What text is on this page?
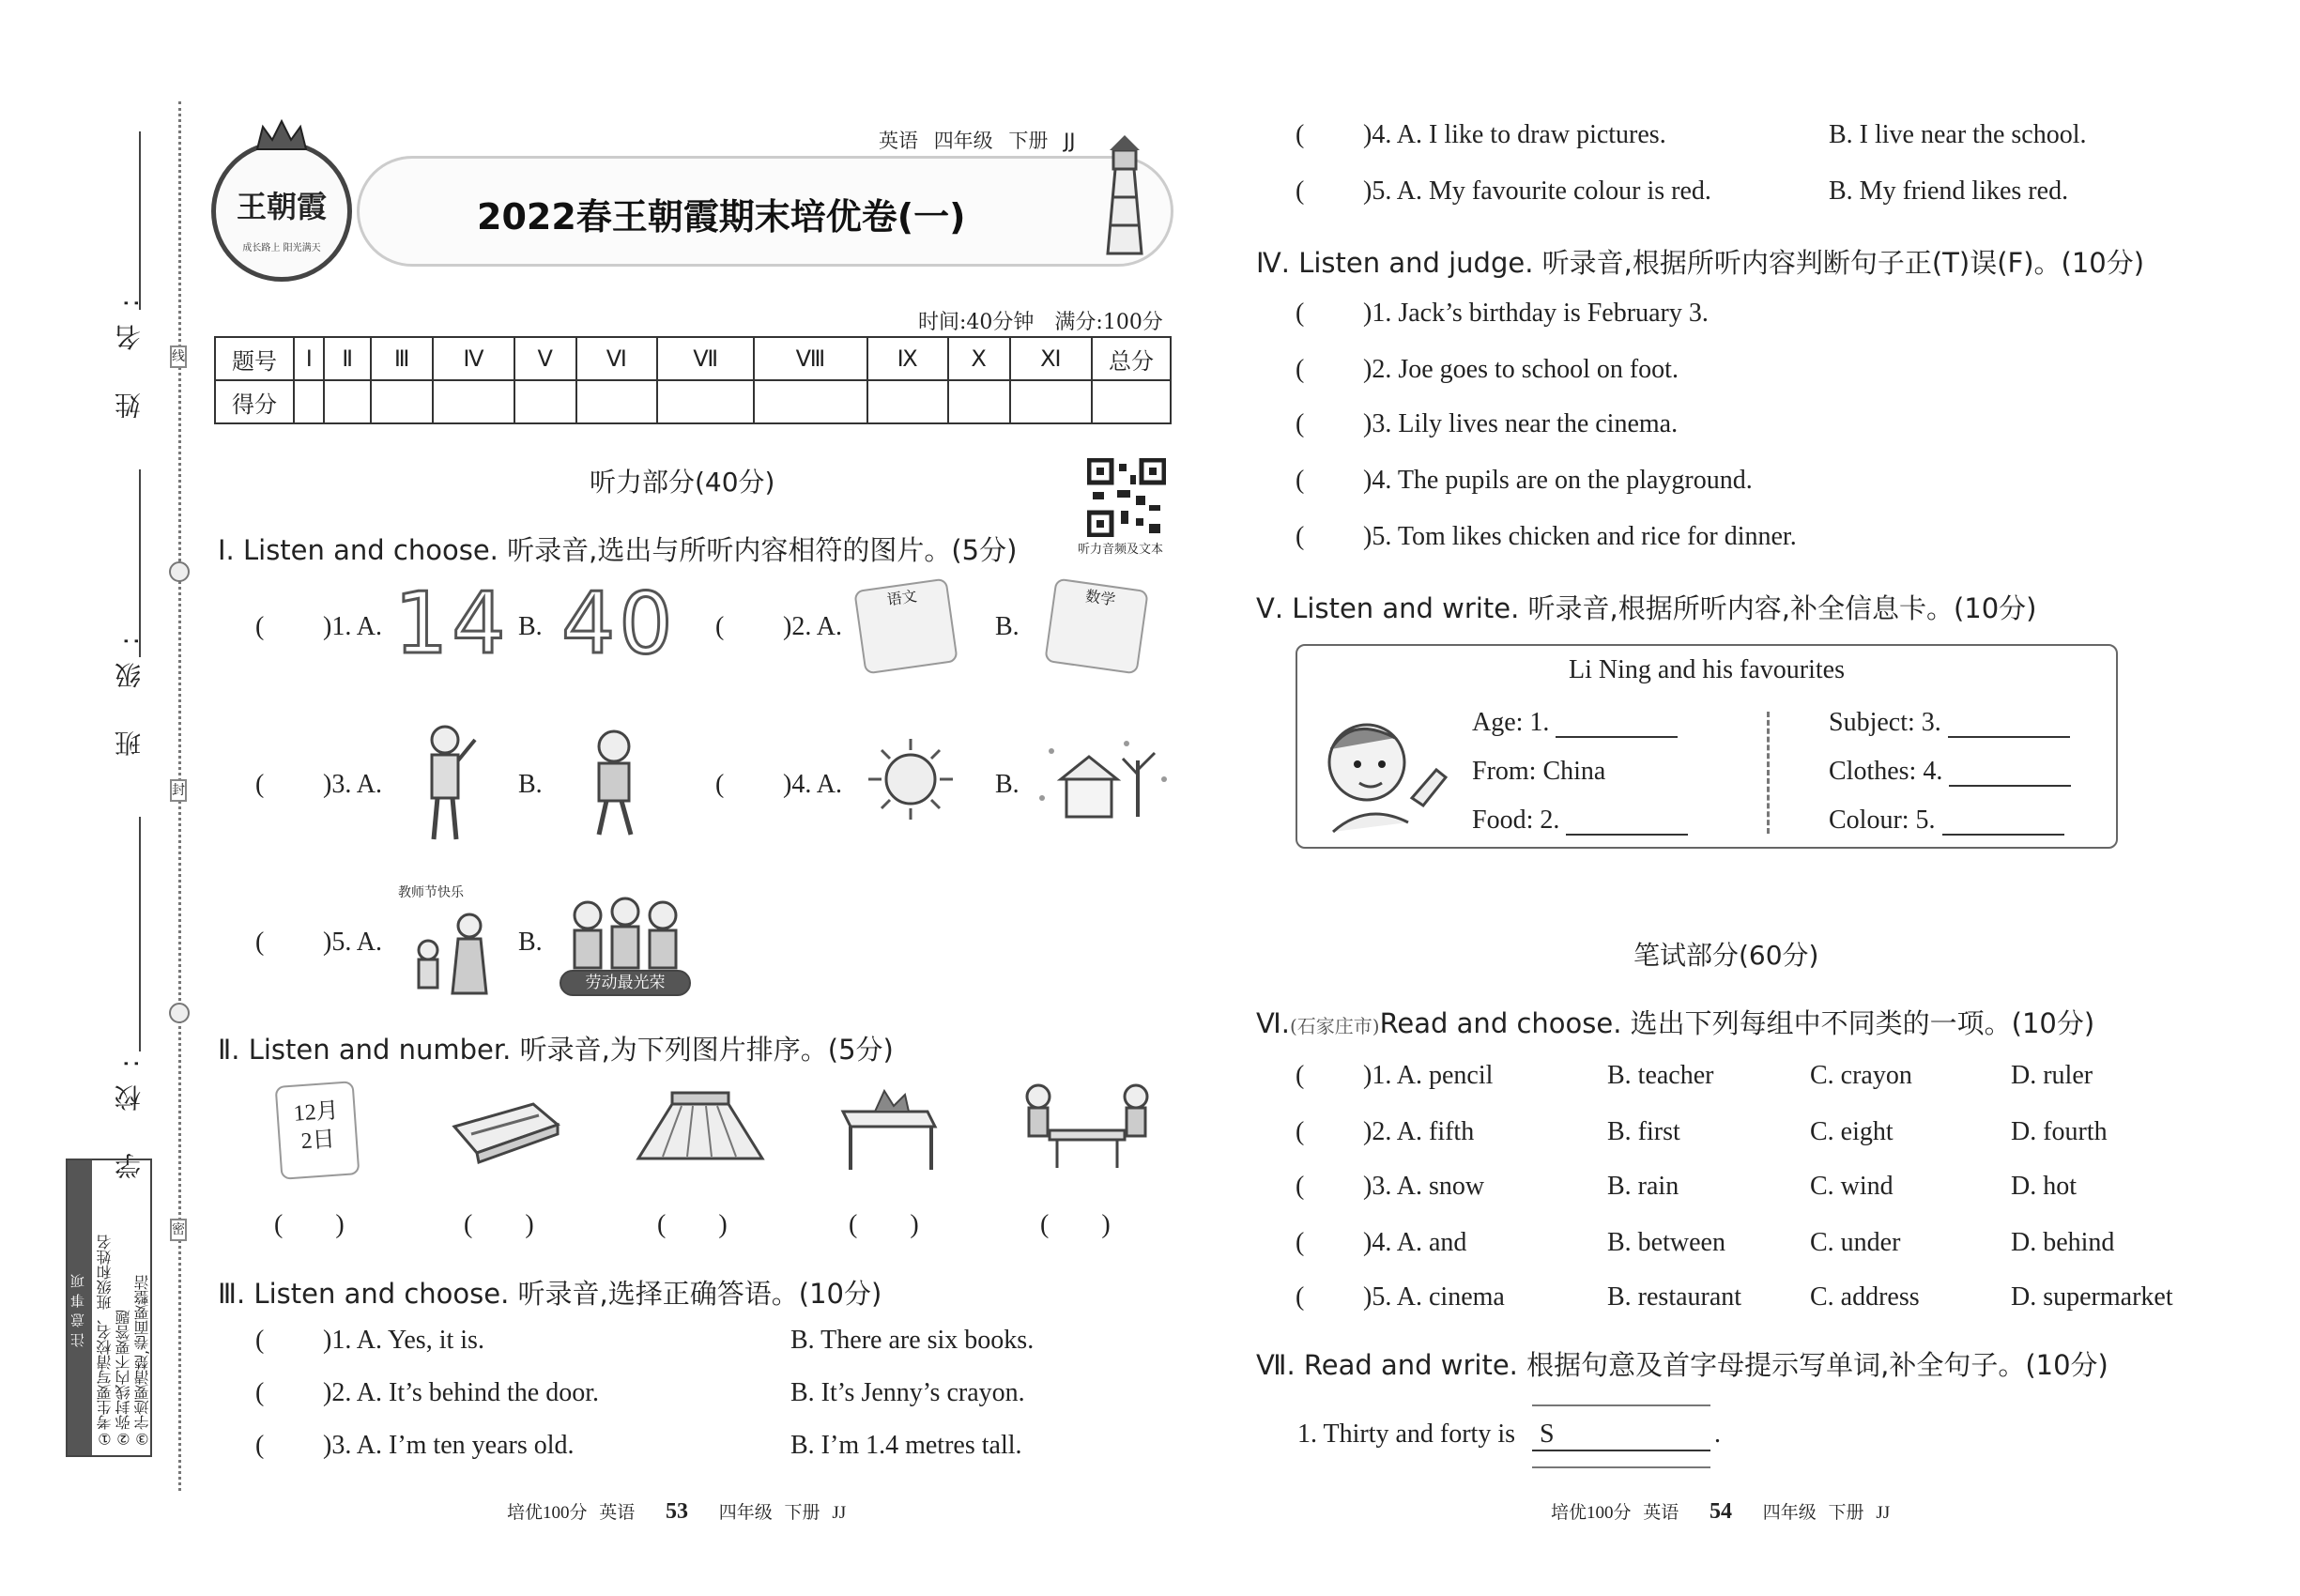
线
封
密
姓 名:
班 级:
学 校:
注意事项 ①考生要写清校名、班级和姓名 ②弥封线内不要答题 ③字迹要清楚,卷面要整洁
王朝霞
成长路上 阳光满天
英语 四年级 下册 JJ
2022春王朝霞期末培优卷(一)
时间:40分钟　满分:100分
题号	Ⅰ	Ⅱ	Ⅲ	Ⅳ	Ⅴ	Ⅵ	Ⅶ	Ⅷ	Ⅸ	Ⅹ	Ⅺ	总分
得分												
听力部分(40分)
听力音频及文本
Ⅰ. Listen and choose. 听录音,选出与所听内容相符的图片。(5分)
( )1. A. 14 B. 40 ( )2. A.
语文
B.
数学
( )3. A.	B.	( )4. A.	B.
( )5. A.
教师节快乐
B.
劳动最光荣
Ⅱ. Listen and number. 听录音,为下列图片排序。(5分)
12月
2日
(　　)	(　　)	(　　)	(　　)	(　　)
Ⅲ. Listen and choose. 听录音,选择正确答语。(10分)
( )1. A. Yes, it is.	B. There are six books.
( )2. A. It’s behind the door.	B. It’s Jenny’s crayon.
( )3. A. I’m ten years old.	B. I’m 1.4 metres tall.
培优100分 英语 53 四年级 下册 JJ
( )4. A. I like to draw pictures.	B. I live near the school.
( )5. A. My favourite colour is red.	B. My friend likes red.
Ⅳ. Listen and judge. 听录音,根据所听内容判断句子正(T)误(F)。(10分)
( )1. Jack’s birthday is February 3.
( )2. Joe goes to school on foot.
( )3. Lily lives near the cinema.
( )4. The pupils are on the playground.
( )5. Tom likes chicken and rice for dinner.
Ⅴ. Listen and write. 听录音,根据所听内容,补全信息卡。(10分)
Li Ning and his favourites
Age: 1.
From: China
Food: 2.
Subject: 3.
Clothes: 4.
Colour: 5.
笔试部分(60分)
Ⅵ.(石家庄市)Read and choose. 选出下列每组中不同类的一项。(10分)
( )1. A. pencil	B. teacher	C. crayon	D. ruler
( )2. A. fifth	B. first	C. eight	D. fourth
( )3. A. snow	B. rain	C. wind	D. hot
( )4. A. and	B. between	C. under	D. behind
( )5. A. cinema	B. restaurant	C. address	D. supermarket
Ⅶ. Read and write. 根据句意及首字母提示写单词,补全句子。(10分)
1. Thirty and forty is S	.
培优100分 英语 54 四年级 下册 JJ
